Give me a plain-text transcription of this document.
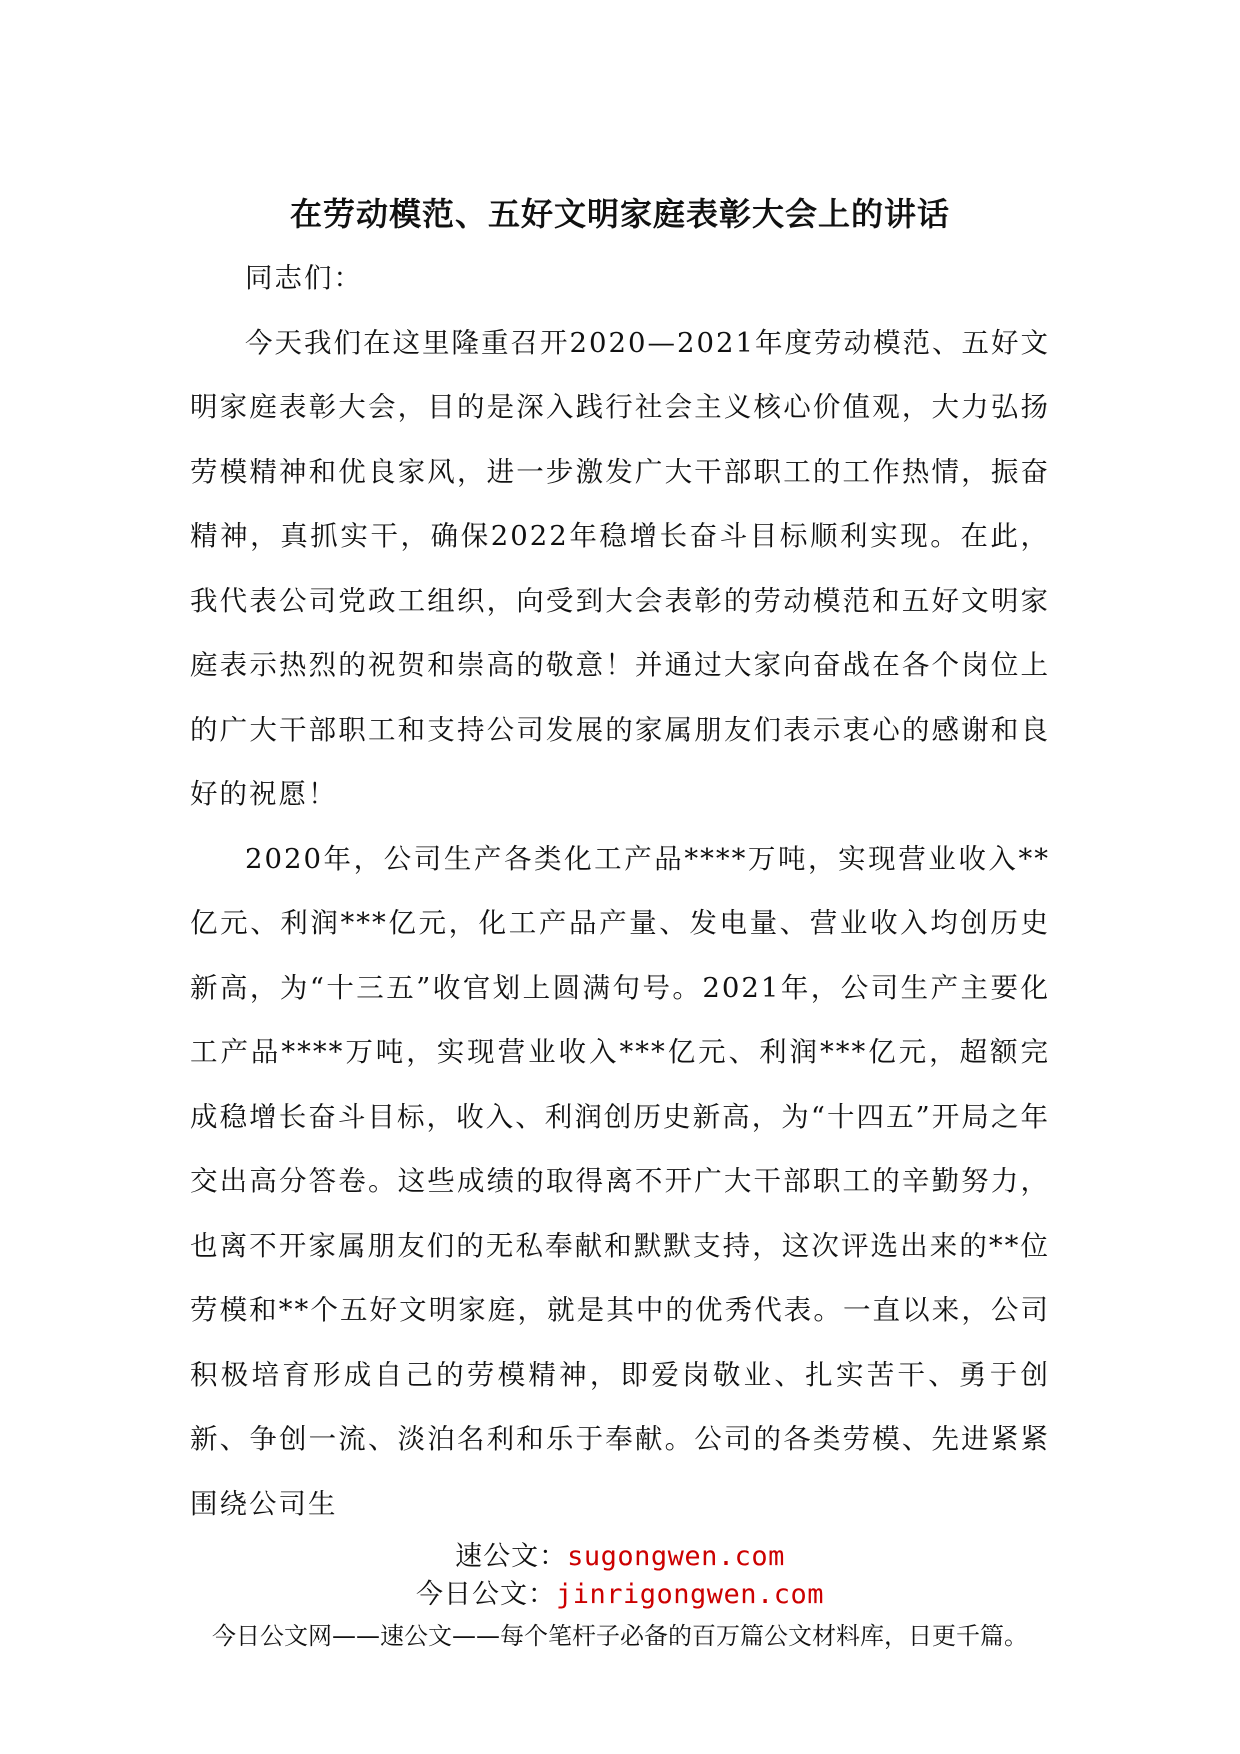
在劳动模范、五好文明家庭表彰大会上的讲话

同志们：

今天我们在这里隆重召开2020—2021年度劳动模范、五好文明家庭表彰大会，目的是深入践行社会主义核心价值观，大力弘扬劳模精神和优良家风，进一步激发广大干部职工的工作热情，振奋精神，真抓实干，确保2022年稳增长奋斗目标顺利实现。在此，我代表公司党政工组织，向受到大会表彰的劳动模范和五好文明家庭表示热烈的祝贺和崇高的敬意！并通过大家向奋战在各个岗位上的广大干部职工和支持公司发展的家属朋友们表示衷心的感谢和良好的祝愿！

2020年，公司生产各类化工产品****万吨，实现营业收入**亿元、利润***亿元，化工产品产量、发电量、营业收入均创历史新高，为“十三五”收官划上圆满句号。2021年，公司生产主要化工产品****万吨，实现营业收入***亿元、利润***亿元，超额完成稳增长奋斗目标，收入、利润创历史新高，为“十四五”开局之年交出高分答卷。这些成绩的取得离不开广大干部职工的辛勤努力，也离不开家属朋友们的无私奉献和默默支持，这次评选出来的**位劳模和**个五好文明家庭，就是其中的优秀代表。一直以来，公司积极培育形成自己的劳模精神，即爱岗敬业、扎实苦干、勇于创新、争创一流、淡泊名利和乐于奉献。公司的各类劳模、先进紧紧围绕公司生

速公文：sugongwen.com
今日公文：jinrigongwen.com
今日公文网——速公文——每个笔杆子必备的百万篇公文材料库，日更千篇。
